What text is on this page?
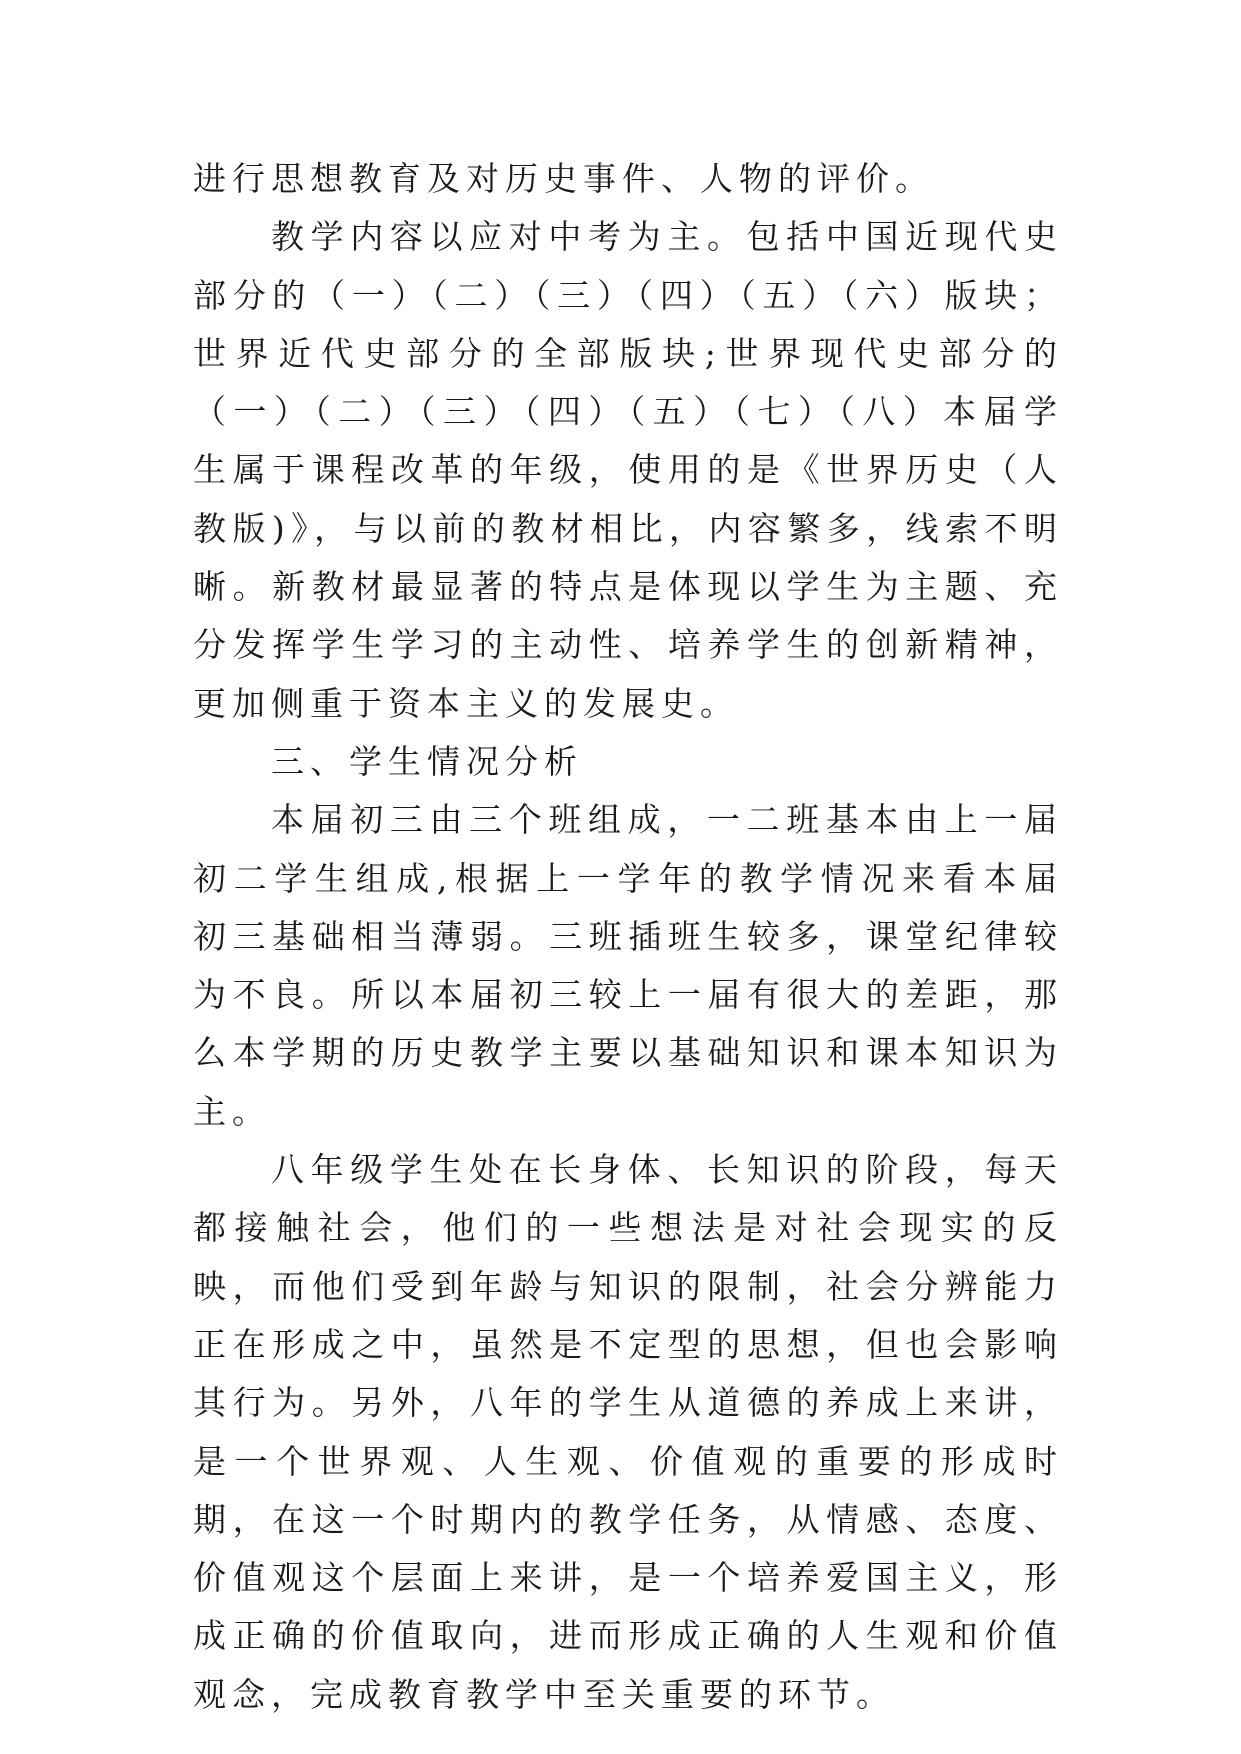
进行思想教育及对历史事件、人物的评价。

教学内容以应对中考为主。包括中国近现代史部分的（一）（二）（三）（四）（五）（六）版块；世界近代史部分的全部版块;世界现代史部分的（一）（二）（三）（四）（五）（七）（八）本届学生属于课程改革的年级，使用的是《世界历史（人教版)》，与以前的教材相比，内容繁多，线索不明晰。新教材最显著的特点是体现以学生为主题、充分发挥学生学习的主动性、培养学生的创新精神，更加侧重于资本主义的发展史。

三、学生情况分析

本届初三由三个班组成，一二班基本由上一届初二学生组成,根据上一学年的教学情况来看本届初三基础相当薄弱。三班插班生较多，课堂纪律较为不良。所以本届初三较上一届有很大的差距，那么本学期的历史教学主要以基础知识和课本知识为主。

八年级学生处在长身体、长知识的阶段，每天都接触社会，他们的一些想法是对社会现实的反映，而他们受到年龄与知识的限制，社会分辨能力正在形成之中，虽然是不定型的思想，但也会影响其行为。另外，八年的学生从道德的养成上来讲，是一个世界观、人生观、价值观的重要的形成时期，在这一个时期内的教学任务，从情感、态度、价值观这个层面上来讲，是一个培养爱国主义，形成正确的价值取向，进而形成正确的人生观和价值观念，完成教育教学中至关重要的环节。
